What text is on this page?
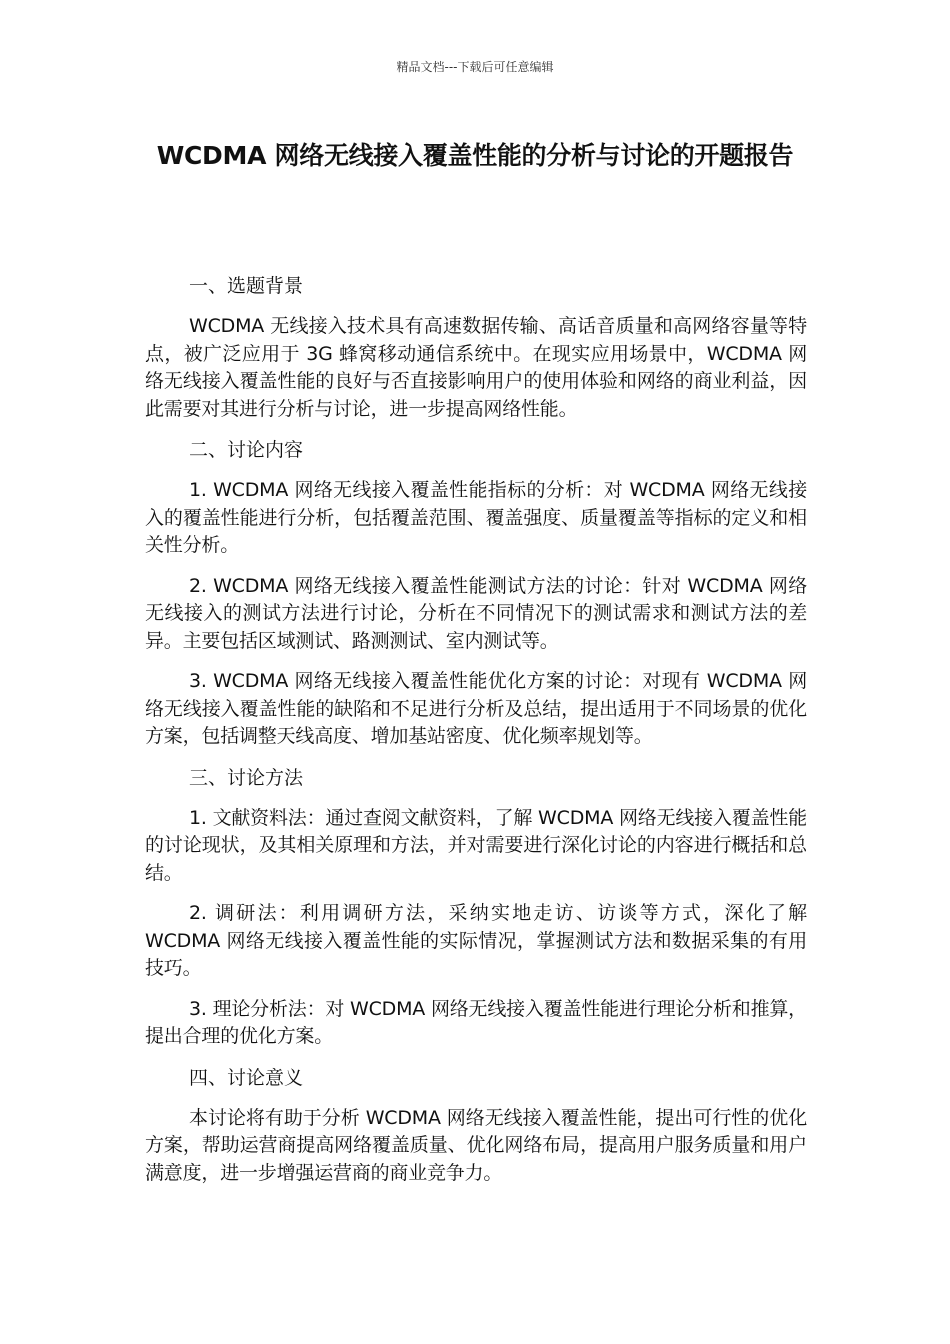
精品文档---下载后可任意编辑
WCDMA 网络无线接入覆盖性能的分析与讨论的开题报告

一、选题背景

WCDMA 无线接入技术具有高速数据传输、高话音质量和高网络容量等特点，被广泛应用于 3G 蜂窝移动通信系统中。在现实应用场景中，WCDMA 网络无线接入覆盖性能的良好与否直接影响用户的使用体验和网络的商业利益，因此需要对其进行分析与讨论，进一步提高网络性能。

二、讨论内容

1. WCDMA 网络无线接入覆盖性能指标的分析：对 WCDMA 网络无线接入的覆盖性能进行分析，包括覆盖范围、覆盖强度、质量覆盖等指标的定义和相关性分析。

2. WCDMA 网络无线接入覆盖性能测试方法的讨论：针对 WCDMA 网络无线接入的测试方法进行讨论，分析在不同情况下的测试需求和测试方法的差异。主要包括区域测试、路测测试、室内测试等。

3. WCDMA 网络无线接入覆盖性能优化方案的讨论：对现有 WCDMA 网络无线接入覆盖性能的缺陷和不足进行分析及总结，提出适用于不同场景的优化方案，包括调整天线高度、增加基站密度、优化频率规划等。

三、讨论方法

1. 文献资料法：通过查阅文献资料，了解 WCDMA 网络无线接入覆盖性能的讨论现状，及其相关原理和方法，并对需要进行深化讨论的内容进行概括和总结。

2. 调研法：利用调研方法，采纳实地走访、访谈等方式，深化了解 WCDMA 网络无线接入覆盖性能的实际情况，掌握测试方法和数据采集的有用技巧。

3. 理论分析法：对 WCDMA 网络无线接入覆盖性能进行理论分析和推算，提出合理的优化方案。

四、讨论意义

本讨论将有助于分析 WCDMA 网络无线接入覆盖性能，提出可行性的优化方案，帮助运营商提高网络覆盖质量、优化网络布局，提高用户服务质量和用户满意度，进一步增强运营商的商业竞争力。
